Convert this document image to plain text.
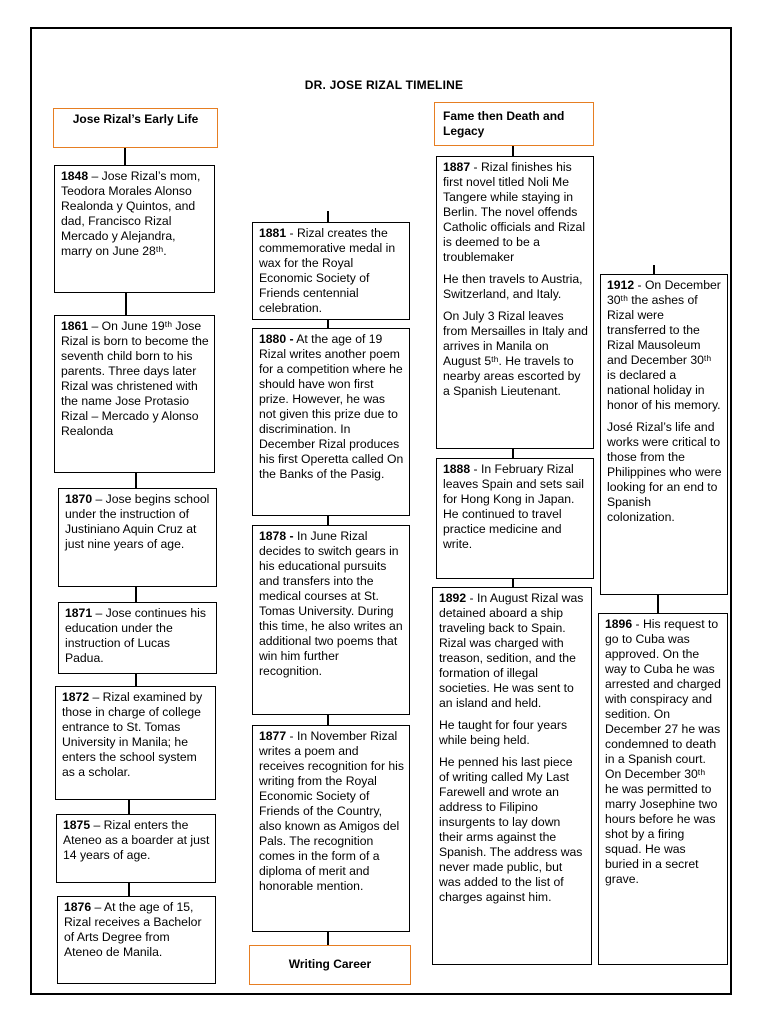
DR. JOSE RIZAL TIMELINE
Jose Rizal’s Early Life	Fame then Death and Legacy
Writing Career
1848 – Jose Rizal’s mom, Teodora Morales Alonso Realonda y Quintos, and dad, Francisco Rizal Mercado y Alejandra, marry on June 28ᵗʰ.
1861 – On June 19ᵗʰ Jose Rizal is born to become the seventh child born to his parents. Three days later Rizal was christened with the name Jose Protasio Rizal – Mercado y Alonso Realonda
1870 – Jose begins school under the instruction of Justiniano Aquin Cruz at just nine years of age.
1871 – Jose continues his education under the instruction of Lucas Padua.
1872 – Rizal examined by those in charge of college entrance to St. Tomas University in Manila; he enters the school system as a scholar.
1875 – Rizal enters the Ateneo as a boarder at just 14 years of age.
1876 – At the age of 15, Rizal receives a Bachelor of Arts Degree from Ateneo de Manila.
1881 - Rizal creates the commemorative medal in wax for the Royal Economic Society of Friends centennial celebration.
1880 - At the age of 19 Rizal writes another poem for a competition where he should have won first prize. However, he was not given this prize due to discrimination. In December Rizal produces his first Operetta called On the Banks of the Pasig.
1878 - In June Rizal decides to switch gears in his educational pursuits and transfers into the medical courses at St. Tomas University. During this time, he also writes an additional two poems that win him further recognition.
1877 - In November Rizal writes a poem and receives recognition for his writing from the Royal Economic Society of Friends of the Country, also known as Amigos del Pals. The recognition comes in the form of a diploma of merit and honorable mention.

1887 - Rizal finishes his first novel titled Noli Me Tangere while staying in Berlin. The novel offends Catholic officials and Rizal is deemed to be a troublemaker

He then travels to Austria, Switzerland, and Italy.

On July 3 Rizal leaves from Mersailles in Italy and arrives in Manila on August 5ᵗʰ. He travels to nearby areas escorted by a Spanish Lieutenant.

1888 - In February Rizal leaves Spain and sets sail for Hong Kong in Japan. He continued to travel practice medicine and write.

1892 - In August Rizal was detained aboard a ship traveling back to Spain. Rizal was charged with treason, sedition, and the formation of illegal societies. He was sent to an island and held.

He taught for four years while being held.

He penned his last piece of writing called My Last Farewell and wrote an address to Filipino insurgents to lay down their arms against the Spanish. The address was never made public, but was added to the list of charges against him.

1912 - On December 30ᵗʰ the ashes of Rizal were transferred to the Rizal Mausoleum and December 30ᵗʰ is declared a national holiday in honor of his memory.

José Rizal’s life and works were critical to those from the Philippines who were looking for an end to Spanish colonization.

1896 - His request to go to Cuba was approved. On the way to Cuba he was arrested and charged with conspiracy and sedition. On December 27 he was condemned to death in a Spanish court. On December 30ᵗʰ he was permitted to marry Josephine two hours before he was shot by a firing squad. He was buried in a secret grave.
